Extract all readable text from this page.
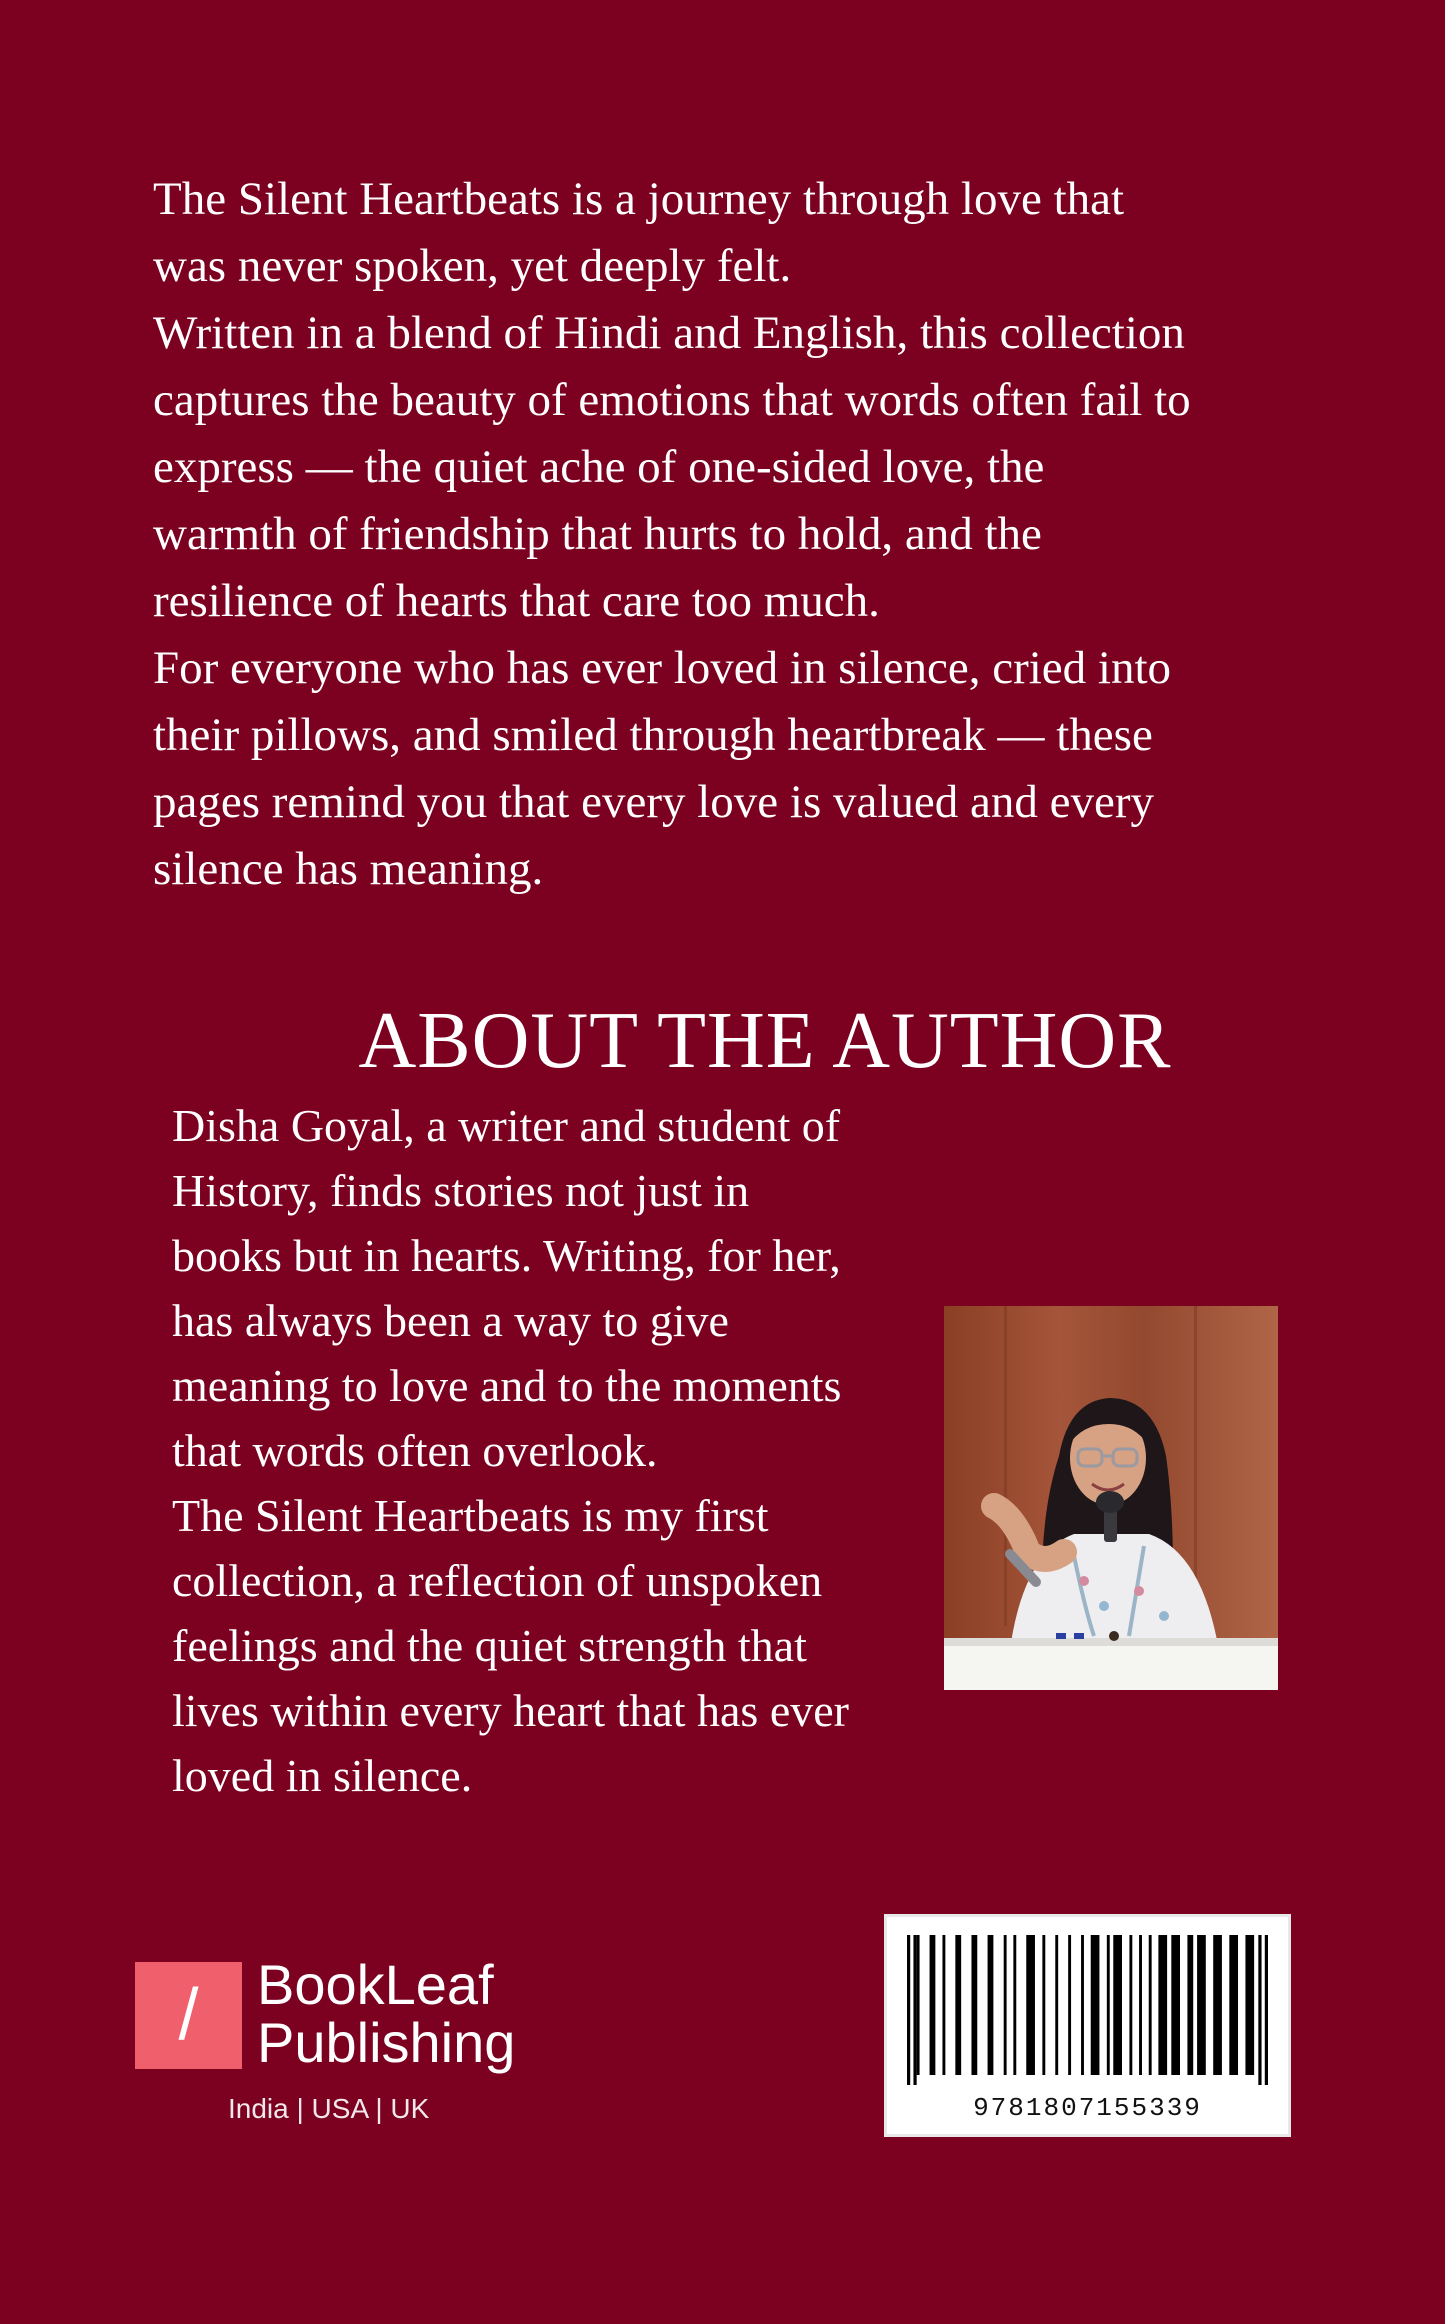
The Silent Heartbeats is a journey through love that

was never spoken, yet deeply felt.

Written in a blend of Hindi and English, this collection

captures the beauty of emotions that words often fail to

express — the quiet ache of one-sided love, the

warmth of friendship that hurts to hold, and the

resilience of hearts that care too much.

For everyone who has ever loved in silence, cried into

their pillows, and smiled through heartbreak — these

pages remind you that every love is valued and every

silence has meaning.

ABOUT THE AUTHOR

Disha Goyal, a writer and student of

History, finds stories not just in

books but in hearts. Writing, for her,

has always been a way to give

meaning to love and to the moments

that words often overlook.

The Silent Heartbeats is my first

collection, a reflection of unspoken

feelings and the quiet strength that

lives within every heart that has ever

loved in silence.

/	BookLeaf
Publishing
India | USA | UK	9781807155339
